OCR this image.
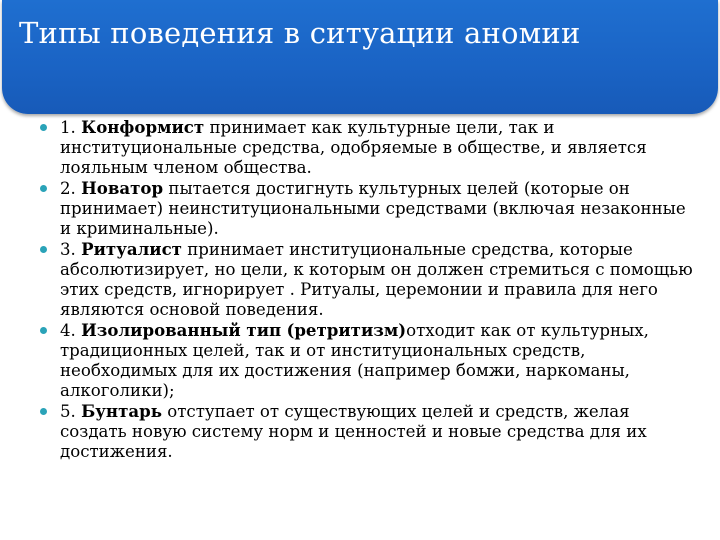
Типы поведения в ситуации аномии
1. Конформист принимает как культурные цели, так и институциональные средства, одобряемые в обществе, и является лояльным членом общества.
2. Новатор пытается достигнуть культурных целей (которые он принимает) неинституциональными средствами (включая незаконные и криминальные).
3. Ритуалист принимает институциональные средства, которые абсолютизирует, но цели, к которым он должен стремиться с помощью этих средств, игнорирует . Ритуалы, церемонии и правила для него являются основой поведения.
4. Изолированный тип (ретритизм)отходит как от культурных, традиционных целей, так и от институциональных средств, необходимых для их достижения (например бомжи, наркоманы, алкоголики);
5. Бунтарь отступает от существующих целей и средств, желая создать новую систему норм и ценностей и новые средства для их достижения.
